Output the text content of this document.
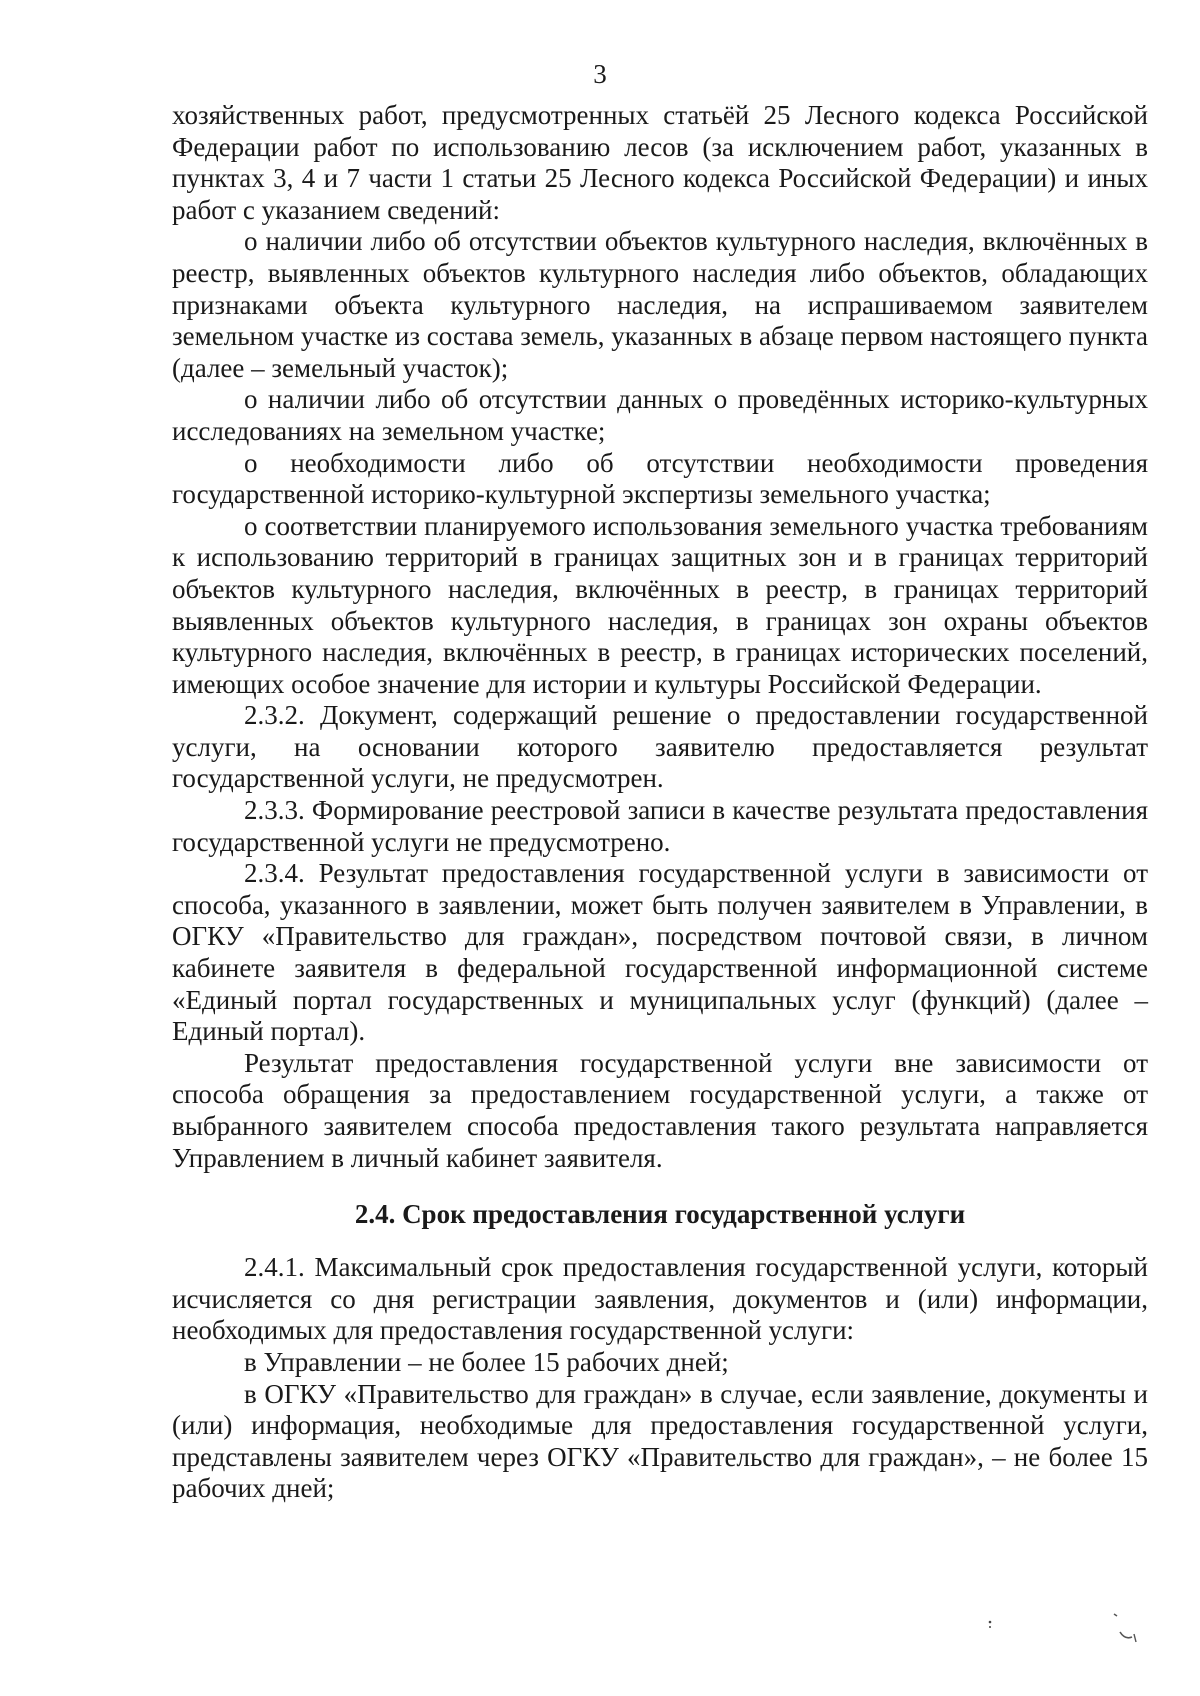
3

хозяйственных работ, предусмотренных статьёй 25 Лесного кодекса Российской Федерации работ по использованию лесов (за исключением работ, указанных в пунктах 3, 4 и 7 части 1 статьи 25 Лесного кодекса Российской Федерации) и иных работ с указанием сведений:

о наличии либо об отсутствии объектов культурного наследия, включённых в реестр, выявленных объектов культурного наследия либо объектов, обладающих признаками объекта культурного наследия, на испрашиваемом заявителем земельном участке из состава земель, указанных в абзаце первом настоящего пункта (далее – земельный участок);

о наличии либо об отсутствии данных о проведённых историко-культурных исследованиях на земельном участке;

о необходимости либо об отсутствии необходимости проведения государственной историко-культурной экспертизы земельного участка;

о соответствии планируемого использования земельного участка требованиям к использованию территорий в границах защитных зон и в границах территорий объектов культурного наследия, включённых в реестр, в границах территорий выявленных объектов культурного наследия, в границах зон охраны объектов культурного наследия, включённых в реестр, в границах исторических поселений, имеющих особое значение для истории и культуры Российской Федерации.

2.3.2. Документ, содержащий решение о предоставлении государственной услуги, на основании которого заявителю предоставляется результат государственной услуги, не предусмотрен.

2.3.3. Формирование реестровой записи в качестве результата предоставления государственной услуги не предусмотрено.

2.3.4. Результат предоставления государственной услуги в зависимости от способа, указанного в заявлении, может быть получен заявителем в Управлении, в ОГКУ «Правительство для граждан», посредством почтовой связи, в личном кабинете заявителя в федеральной государственной информационной системе «Единый портал государственных и муниципальных услуг (функций) (далее – Единый портал).

Результат предоставления государственной услуги вне зависимости от способа обращения за предоставлением государственной услуги, а также от выбранного заявителем способа предоставления такого результата направляется Управлением в личный кабинет заявителя.

2.4. Срок предоставления государственной услуги

2.4.1. Максимальный срок предоставления государственной услуги, который исчисляется со дня регистрации заявления, документов и (или) информации, необходимых для предоставления государственной услуги:

в Управлении – не более 15 рабочих дней;

в ОГКУ «Правительство для граждан» в случае, если заявление, документы и (или) информация, необходимые для предоставления государственной услуги, представлены заявителем через ОГКУ «Правительство для граждан», – не более 15 рабочих дней;
